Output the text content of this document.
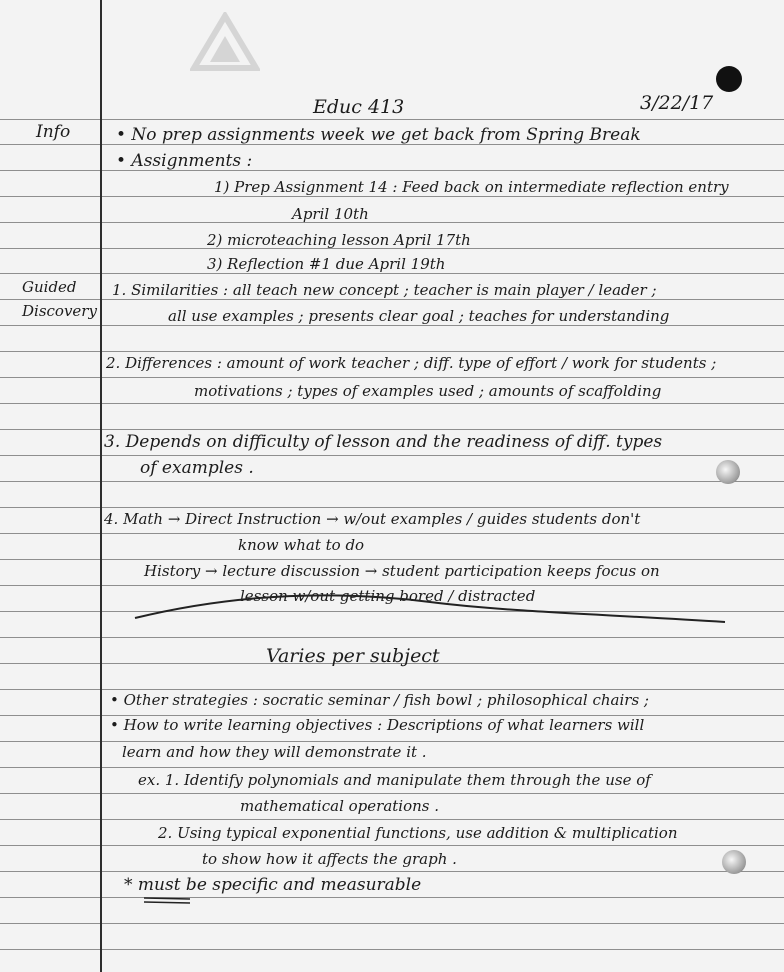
Educ 413	3/22/17
Info
Guided
Discovery
• No prep assignments week we get back from Spring Break
• Assignments :
1) Prep Assignment 14 : Feed back on intermediate reflection entry
April 10th
2) microteaching lesson April 17th
3) Reflection #1 due April 19th
1. Similarities : all teach new concept ; teacher is main player / leader ;
all use examples ; presents clear goal ; teaches for understanding
2. Differences : amount of work teacher ; diff. type of effort / work for students ;
motivations ; types of examples used ; amounts of scaffolding
3. Depends on difficulty of lesson and the readiness of diff. types
of examples .
4. Math → Direct Instruction → w/out examples / guides students don't
know what to do
History → lecture discussion → student participation keeps focus on
lesson w/out getting bored / distracted
Varies per subject
• Other strategies : socratic seminar / fish bowl ; philosophical chairs ;
• How to write learning objectives : Descriptions of what learners will
learn and how they will demonstrate it .
ex. 1. Identify polynomials and manipulate them through the use of
mathematical operations .
2. Using typical exponential functions, use addition & multiplication
to show how it affects the graph .
* must be specific and measurable
